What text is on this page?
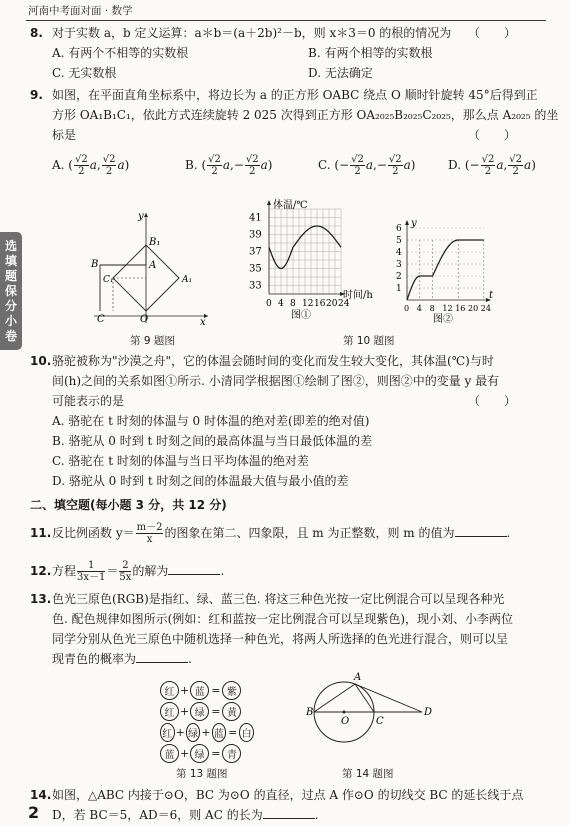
河南中考面对面 · 数学
选
填
题
保
分
小
卷
8. 对于实数 a，b 定义运算：a＊b＝(a＋2b)²－b，则 x＊3＝0 的根的情况为 （　　）
A. 有两个不相等的实数根	B. 有两个相等的实数根
C. 无实数根	D. 无法确定
9. 如图，在平面直角坐标系中，将边长为 a 的正方形 OABC 绕点 O 顺时针旋转 45°后得到正
方形 OA₁B₁C₁，依此方式连续旋转 2 025 次得到正方形 OA₂₀₂₅B₂₀₂₅C₂₀₂₅，那么点 A₂₀₂₅ 的坐
标是	（　　）
A. ( $\frac{√2}{2} a$, $\frac{√2}{2} a$)	B. ( $\frac{√2}{2} a,- \frac{√2}{2} a$)	C. (− $\frac{√2}{2} a,- \frac{√2}{2} a$)	D. (− $\frac{√2}{2} a$, $\frac{√2}{2} a$)
y
x
B₁
B	A
C₁	A₁
C	O
第 9 题图
体温/℃
时间/h
41
39
37
35
33
0 4 8 12 16 20 24
图①
y
t
6
5
4
3
2
1
0 4 8 12 16 20 24
图②
第 10 题图
10.骆驼被称为"沙漠之舟"，它的体温会随时间的变化而发生较大变化，其体温(℃)与时
间(h)之间的关系如图①所示. 小清同学根据图①绘制了图②，则图②中的变量 y 最有
可能表示的是	（　　）
A. 骆驼在 t 时刻的体温与 0 时体温的绝对差(即差的绝对值)
B. 骆驼从 0 时到 t 时刻之间的最高体温与当日最低体温的差
C. 骆驼在 t 时刻的体温与当日平均体温的绝对差
D. 骆驼从 0 时到 t 时刻之间的体温最大值与最小值的差
二、填空题(每小题 3 分，共 12 分)
11.反比例函数 $y= \frac{m-2}{x}$ 的图象在第二、四象限，且 m 为正整数，则 m 的值为	.
12.方程 $\frac{1}{3x-1} = \frac{2}{5x}$ 的解为	.
13.色光三原色(RGB)是指红、绿、蓝三色. 将这三种色光按一定比例混合可以呈现各种光
色. 配色规律如图所示(例如：红和蓝按一定比例混合可以呈现紫色)，现小刘、小李两位
同学分别从色光三原色中随机选择一种色光，将两人所选择的色光进行混合，则可以呈
现青色的概率为	.
红 + 蓝 = 紫
红 + 绿 = 黄
红 + 绿 + 蓝 = 白
蓝 + 绿 = 青
第 13 题图
A
B
O	C
D
第 14 题图
14.如图，△ABC 内接于⊙O，BC 为⊙O 的直径，过点 A 作⊙O 的切线交 BC 的延长线于点
D，若 BC＝5，AD＝6，则 AC 的长为	.
2
